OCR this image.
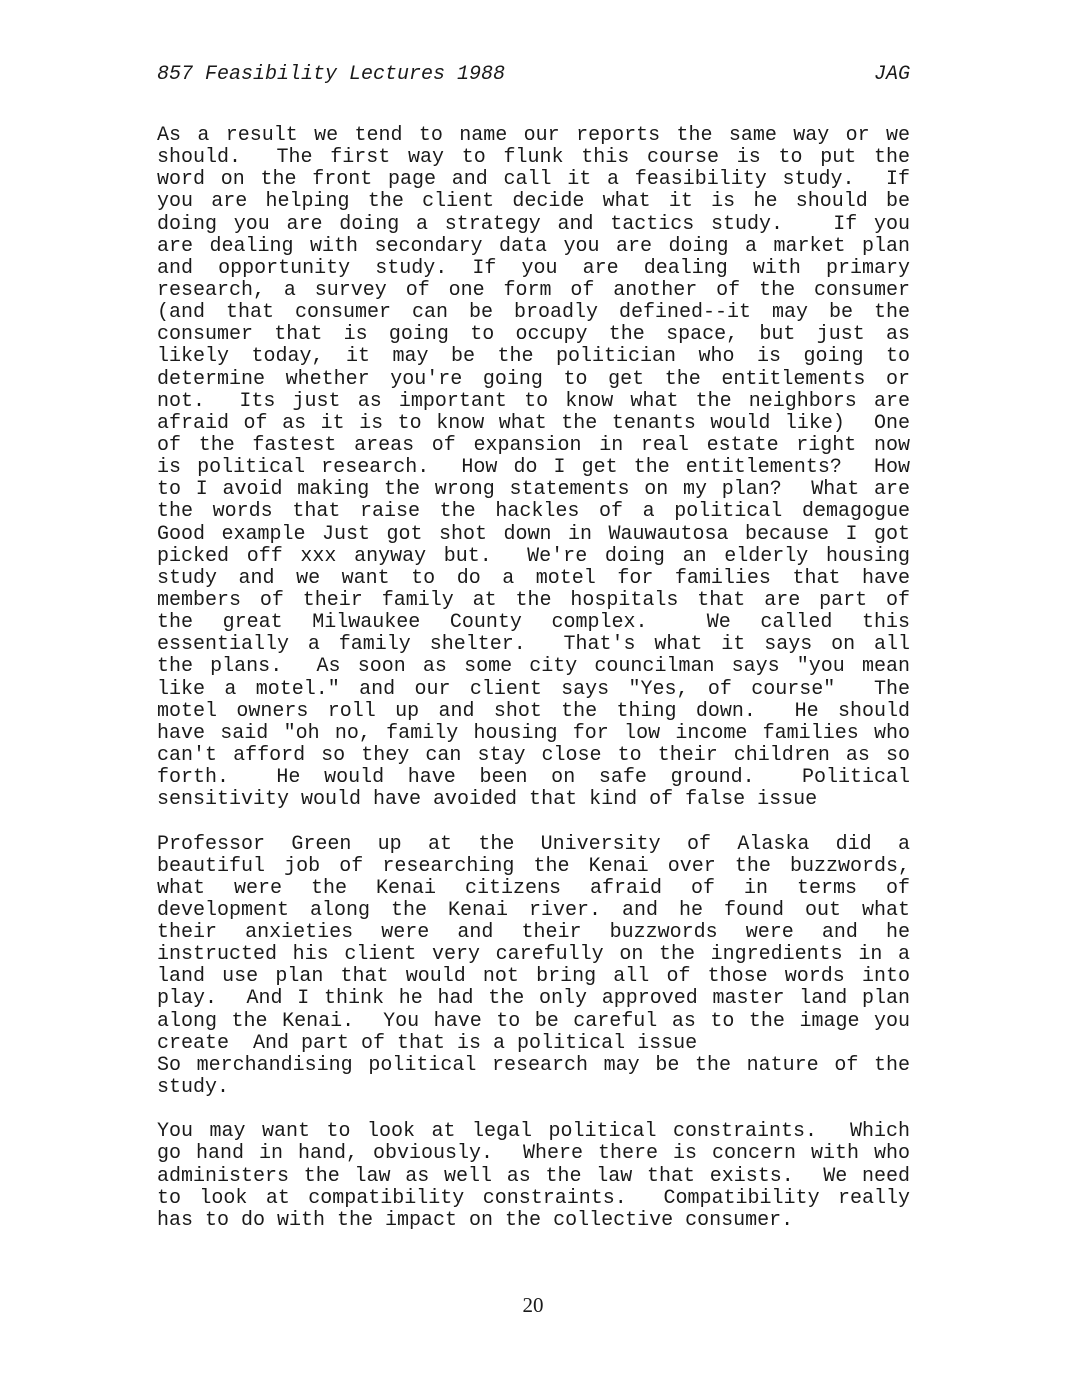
857 Feasibility Lectures 1988	JAG
As a result we tend to name our reports the same way or we
should.  The first way to flunk this course is to put the
word on the front page and call it a feasibility study.  If
you are helping the client decide what it is he should be
doing you are doing a strategy and tactics study.   If you
are dealing with secondary data you are doing a market plan
and opportunity study. If you are dealing with primary
research, a survey of one form of another of the consumer
(and that consumer can be broadly defined--it may be the
consumer that is going to occupy the space, but just as
likely today, it may be the politician who is going to
determine whether you're going to get the entitlements or
not.  Its just as important to know what the neighbors are
afraid of as it is to know what the tenants would like)  One
of the fastest areas of expansion in real estate right now
is political research.  How do I get the entitlements?  How
to I avoid making the wrong statements on my plan?  What are
the words that raise the hackles of a political demagogue
Good example Just got shot down in Wauwautosa because I got
picked off xxx anyway but.  We're doing an elderly housing
study and we want to do a motel for families that have
members of their family at the hospitals that are part of
the great Milwaukee County complex.  We called this
essentially a family shelter.  That's what it says on all
the plans.  As soon as some city councilman says "you mean
like a motel." and our client says "Yes, of course"  The
motel owners roll up and shot the thing down.  He should
have said "oh no, family housing for low income families who
can't afford so they can stay close to their children as so
forth.  He would have been on safe ground.  Political
sensitivity would have avoided that kind of false issue
Professor Green up at the University of Alaska did a
beautiful job of researching the Kenai over the buzzwords,
what were the Kenai citizens afraid of in terms of
development along the Kenai river. and he found out what
their anxieties were and their buzzwords were and he
instructed his client very carefully on the ingredients in a
land use plan that would not bring all of those words into
play.  And I think he had the only approved master land plan
along the Kenai.  You have to be careful as to the image you
create  And part of that is a political issue
So merchandising political research may be the nature of the
study.
You may want to look at legal political constraints.  Which
go hand in hand, obviously.  Where there is concern with who
administers the law as well as the law that exists.  We need
to look at compatibility constraints.  Compatibility really
has to do with the impact on the collective consumer.
20
